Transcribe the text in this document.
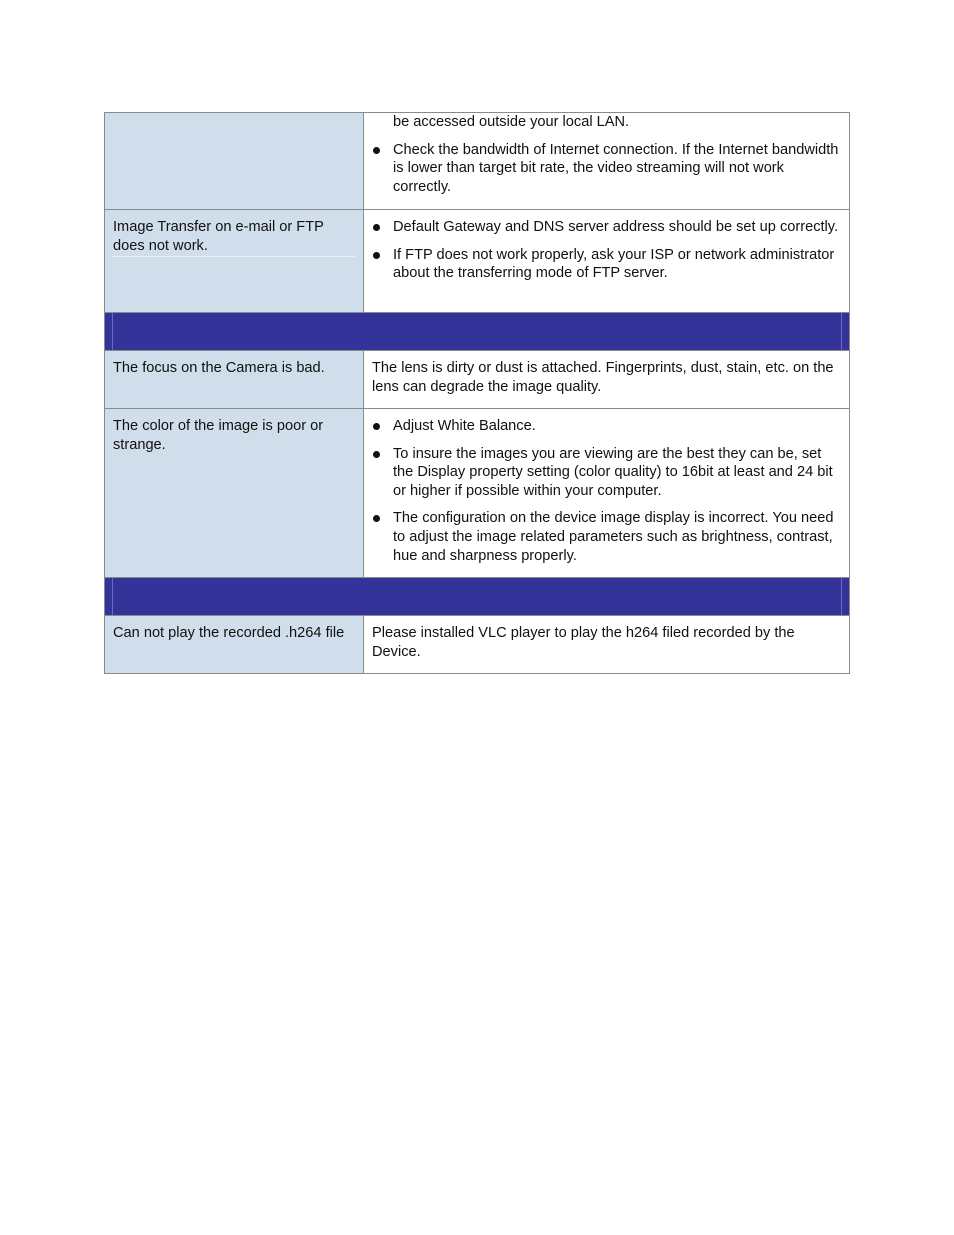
be accessed outside your local LAN.
Check the bandwidth of Internet connection. If the Internet bandwidth is lower than target bit rate, the video streaming will not work correctly.
Image Transfer on e-mail or FTP does not work.
Default Gateway and DNS server address should be set up correctly.
If FTP does not work properly, ask your ISP or network administrator about the transferring mode of FTP server.
The focus on the Camera is bad.	The lens is dirty or dust is attached. Fingerprints, dust, stain, etc. on the lens can degrade the image quality.
The color of the image is poor or strange.
Adjust White Balance.
To insure the images you are viewing are the best they can be, set the Display property setting (color quality) to 16bit at least and 24 bit or higher if possible within your computer.
The configuration on the device image display is incorrect. You need to adjust the image related parameters such as brightness, contrast, hue and sharpness properly.
Can not play the recorded .h264 file	Please installed VLC player to play the h264 filed recorded by the Device.
